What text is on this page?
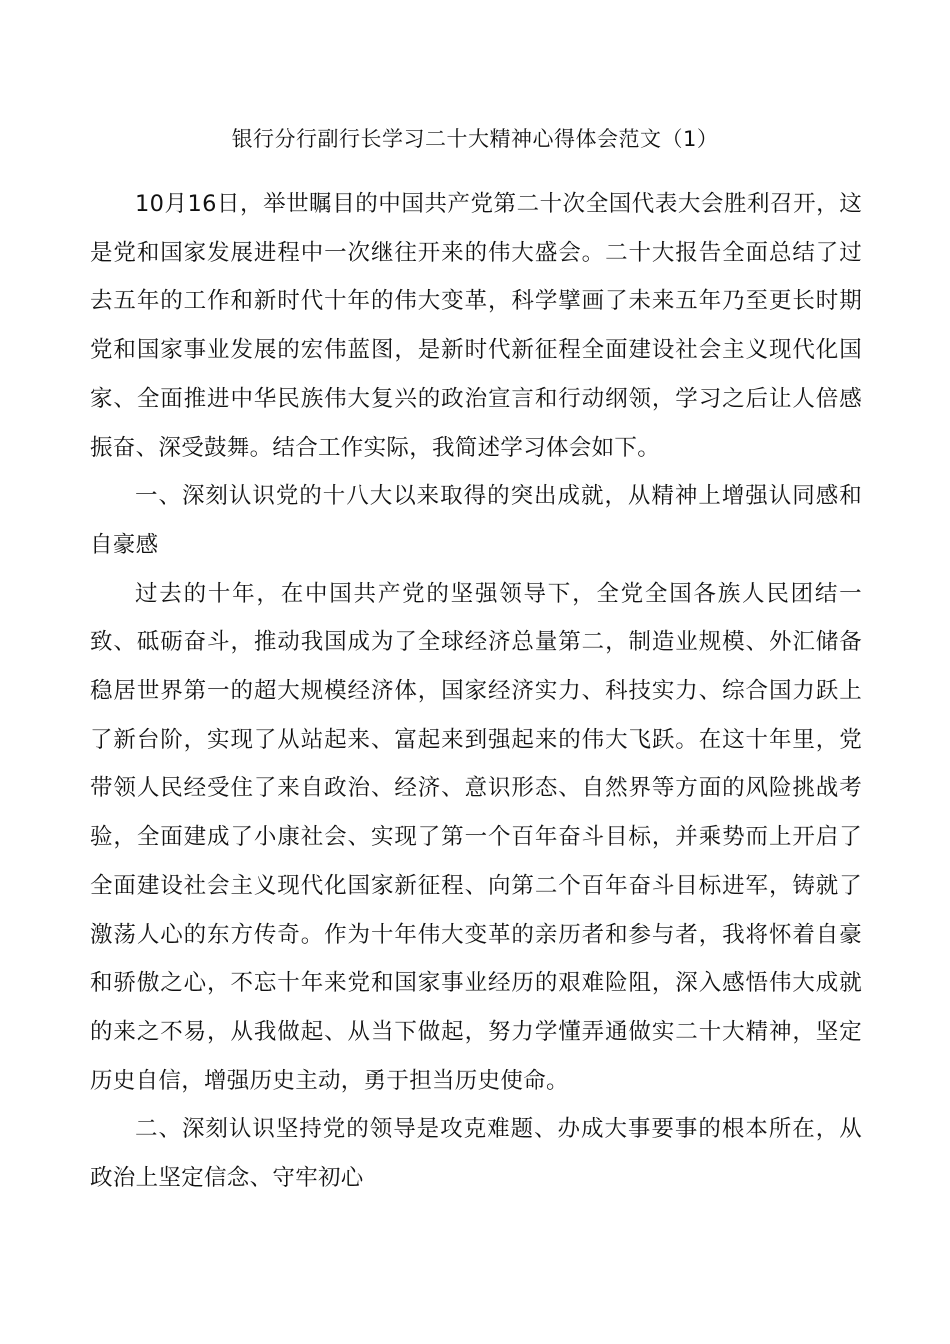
银行分行副行长学习二十大精神心得体会范文（1）

10月16日，举世瞩目的中国共产党第二十次全国代表大会胜利召开，这是党和国家发展进程中一次继往开来的伟大盛会。二十大报告全面总结了过去五年的工作和新时代十年的伟大变革，科学擘画了未来五年乃至更长时期党和国家事业发展的宏伟蓝图，是新时代新征程全面建设社会主义现代化国家、全面推进中华民族伟大复兴的政治宣言和行动纲领，学习之后让人倍感振奋、深受鼓舞。结合工作实际，我简述学习体会如下。

一、深刻认识党的十八大以来取得的突出成就，从精神上增强认同感和自豪感

过去的十年，在中国共产党的坚强领导下，全党全国各族人民团结一致、砥砺奋斗，推动我国成为了全球经济总量第二，制造业规模、外汇储备稳居世界第一的超大规模经济体，国家经济实力、科技实力、综合国力跃上了新台阶，实现了从站起来、富起来到强起来的伟大飞跃。在这十年里，党带领人民经受住了来自政治、经济、意识形态、自然界等方面的风险挑战考验，全面建成了小康社会、实现了第一个百年奋斗目标，并乘势而上开启了全面建设社会主义现代化国家新征程、向第二个百年奋斗目标进军，铸就了激荡人心的东方传奇。作为十年伟大变革的亲历者和参与者，我将怀着自豪和骄傲之心，不忘十年来党和国家事业经历的艰难险阻，深入感悟伟大成就的来之不易，从我做起、从当下做起，努力学懂弄通做实二十大精神，坚定历史自信，增强历史主动，勇于担当历史使命。

二、深刻认识坚持党的领导是攻克难题、办成大事要事的根本所在，从政治上坚定信念、守牢初心
